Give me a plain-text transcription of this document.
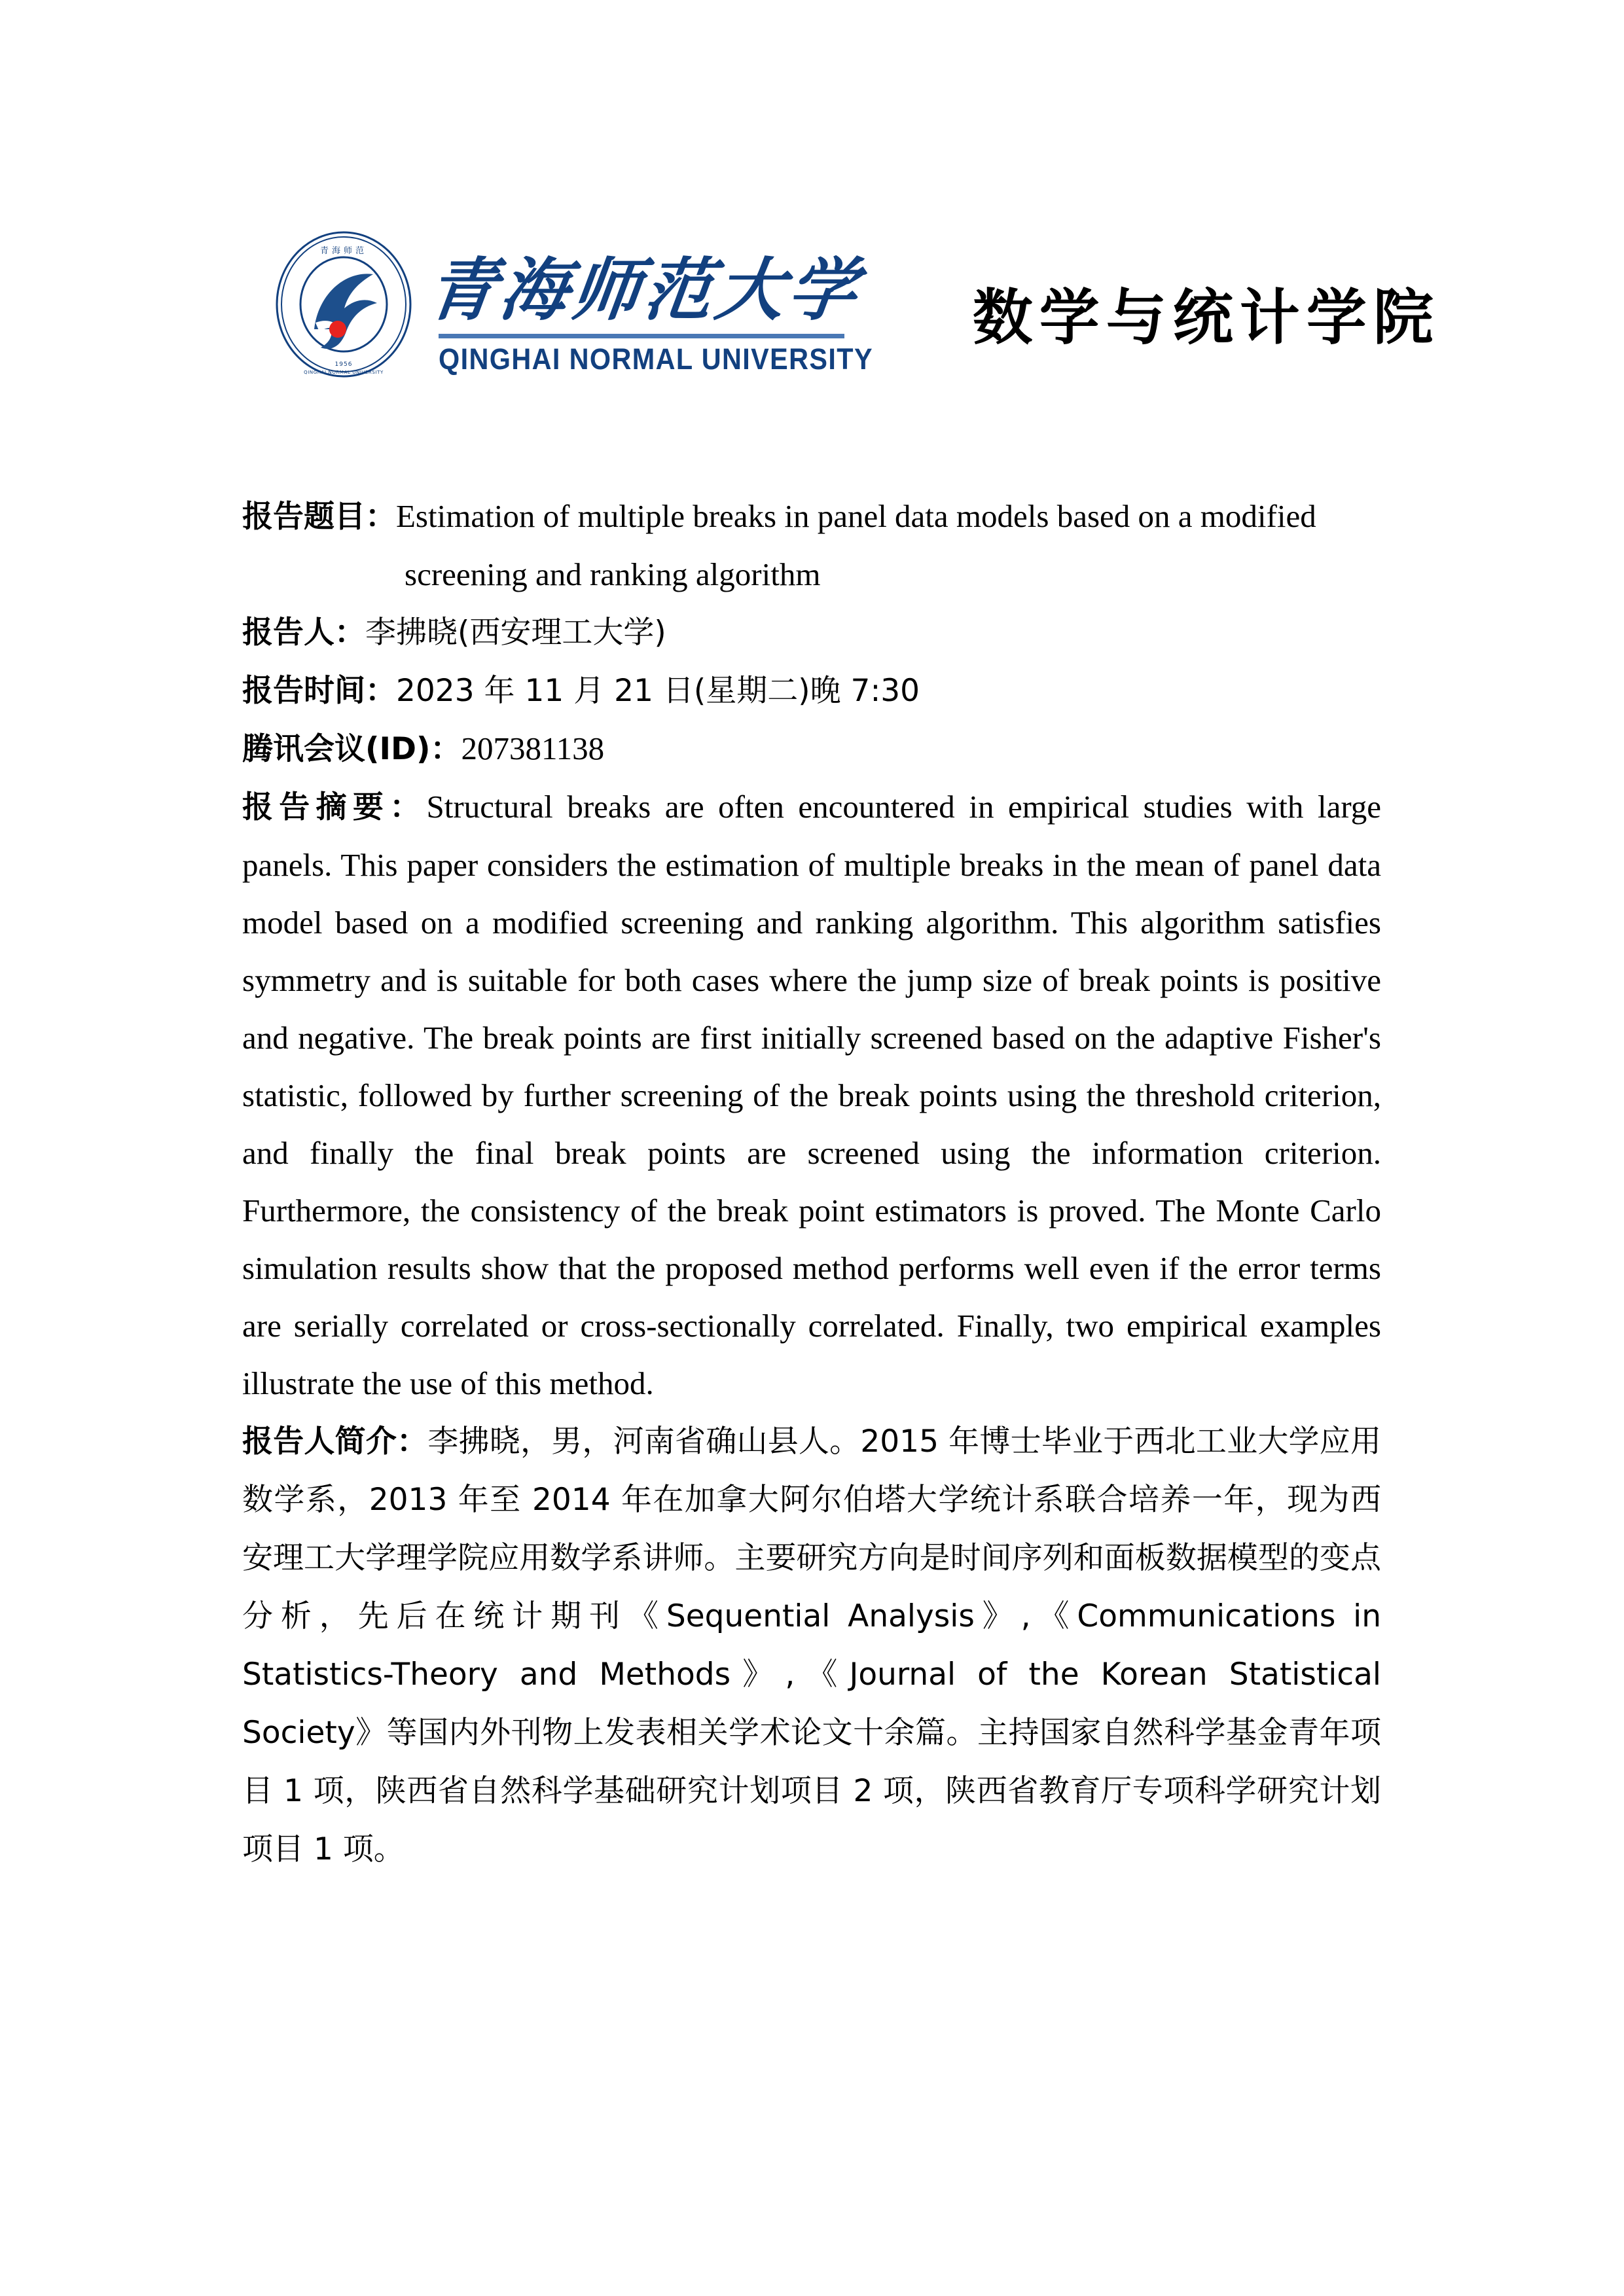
青海师范
1956
QINGHAI NORMAL UNIVERSITY
青海师范大学
QINGHAI NORMAL UNIVERSITY
数学与统计学院
报告题目：Estimation of multiple breaks in panel data models based on a modified
screening and ranking algorithm
报告人：李拂晓(西安理工大学)
报告时间：2023 年 11 月 21 日(星期二)晚 7:30
腾讯会议(ID)：207381138
报告摘要：Structural breaks are often encountered in empirical studies with large panels. This paper considers the estimation of multiple breaks in the mean of panel data model based on a modified screening and ranking algorithm. This algorithm satisfies symmetry and is suitable for both cases where the jump size of break points is positive and negative. The break points are first initially screened based on the adaptive Fisher's statistic, followed by further screening of the break points using the threshold criterion, and finally the final break points are screened using the information criterion. Furthermore, the consistency of the break point estimators is proved. The Monte Carlo simulation results show that the proposed method performs well even if the error terms are serially correlated or cross-sectionally correlated. Finally, two empirical examples illustrate the use of this method.
报告人简介：李拂晓，男，河南省确山县人。2015 年博士毕业于西北工业大学应用数学系，2013 年至 2014 年在加拿大阿尔伯塔大学统计系联合培养一年，现为西安理工大学理学院应用数学系讲师。主要研究方向是时间序列和面板数据模型的变点分析，先后在统计期刊《Sequential Analysis》,《Communications in Statistics-Theory and Methods》,《Journal of the Korean Statistical Society》等国内外刊物上发表相关学术论文十余篇。主持国家自然科学基金青年项目 1 项，陕西省自然科学基础研究计划项目 2 项，陕西省教育厅专项科学研究计划项目 1 项。
